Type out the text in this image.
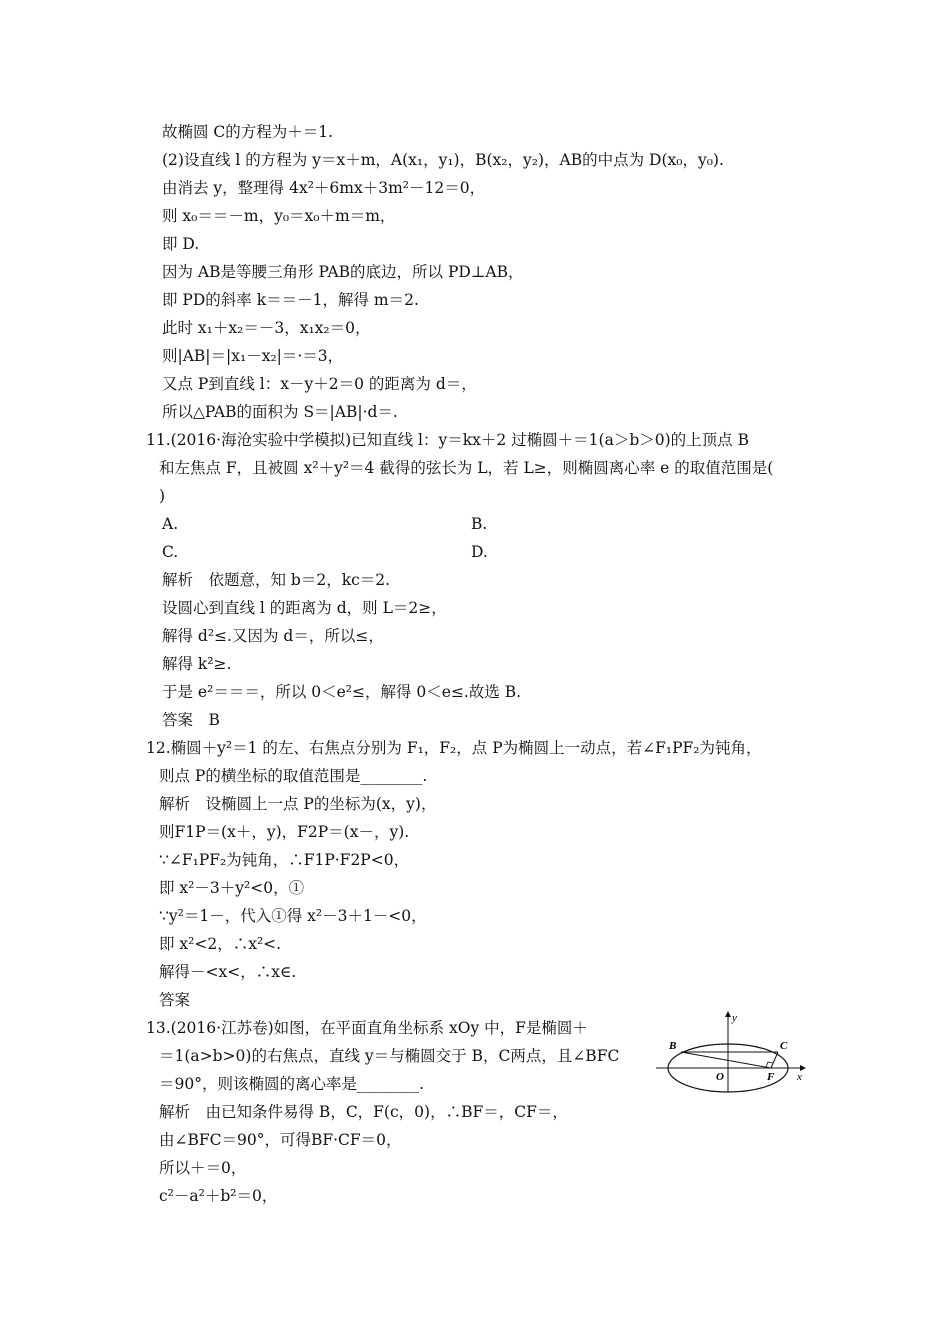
故椭圆 C的方程为＋＝1.
(2)设直线 l 的方程为 y＝x＋m，A(x₁，y₁)，B(x₂，y₂)，AB的中点为 D(x₀，y₀).
由消去 y，整理得 4x²＋6mx＋3m²－12＝0，
则 x₀＝＝－m，y₀＝x₀＋m＝m，
即 D.
因为 AB是等腰三角形 PAB的底边，所以 PD⊥AB，
即 PD的斜率 k＝＝－1，解得 m＝2.
此时 x₁＋x₂＝－3，x₁x₂＝0，
则|AB|＝|x₁－x₂|＝·＝3，
又点 P到直线 l：x－y＋2＝0 的距离为 d＝，
所以△PAB的面积为 S＝|AB|·d＝.
11.(2016·海沧实验中学模拟)已知直线 l：y＝kx＋2 过椭圆＋＝1(a＞b＞0)的上顶点 B
和左焦点 F，且被圆 x²＋y²＝4 截得的弦长为 L，若 L≥，则椭圆离心率 e 的取值范围是(
)
A.	B.
C.	D.
解析　依题意，知 b＝2，kc＝2.
设圆心到直线 l 的距离为 d，则 L＝2≥，
解得 d²≤.又因为 d＝，所以≤，
解得 k²≥.
于是 e²＝＝＝，所以 0＜e²≤，解得 0＜e≤.故选 B.
答案　B
12.椭圆＋y²＝1 的左、右焦点分别为 F₁，F₂，点 P为椭圆上一动点，若∠F₁PF₂为钝角，
则点 P的横坐标的取值范围是________.
解析　设椭圆上一点 P的坐标为(x，y)，
则F1P＝(x＋，y)，F2P＝(x－，y).
∵∠F₁PF₂为钝角，∴F1P·F2P<0，
即 x²－3＋y²<0，①
∵y²＝1－，代入①得 x²－3＋1－<0，
即 x²<2，∴x²<.
解得－<x<，∴x∈.
答案
13.(2016·江苏卷)如图，在平面直角坐标系 xOy 中，F是椭圆＋
＝1(a>b>0)的右焦点，直线 y＝与椭圆交于 B，C两点，且∠BFC
＝90°，则该椭圆的离心率是________.
解析　由已知条件易得 B，C，F(c，0)，∴BF＝，CF＝，
由∠BFC＝90°，可得BF·CF＝0，
所以＋＝0，
c²－a²＋b²＝0，
x
y
B	C
O	F
